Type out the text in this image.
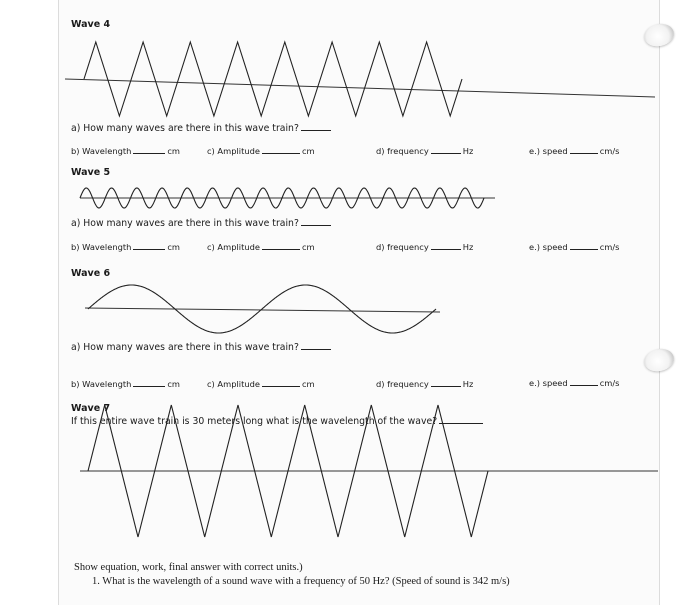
Wave 4
a) How many waves are there in this wave train?
b) Wavelength	cm	c) Amplitude	cm	d) frequency	Hz	e.) speed	cm/s
Wave 5
a) How many waves are there in this wave train?
b) Wavelength	cm	c) Amplitude	cm	d) frequency	Hz	e.) speed	cm/s
Wave 6
a) How many waves are there in this wave train?
b) Wavelength	cm	c) Amplitude	cm	d) frequency	Hz	e.) speed	cm/s
Wave 7
If this entire wave train is 30 meters long what is the wavelength of the wave?
Show equation, work, final answer with correct units.)
1. What is the wavelength of a sound wave with a frequency of 50 Hz? (Speed of sound is 342 m/s)
